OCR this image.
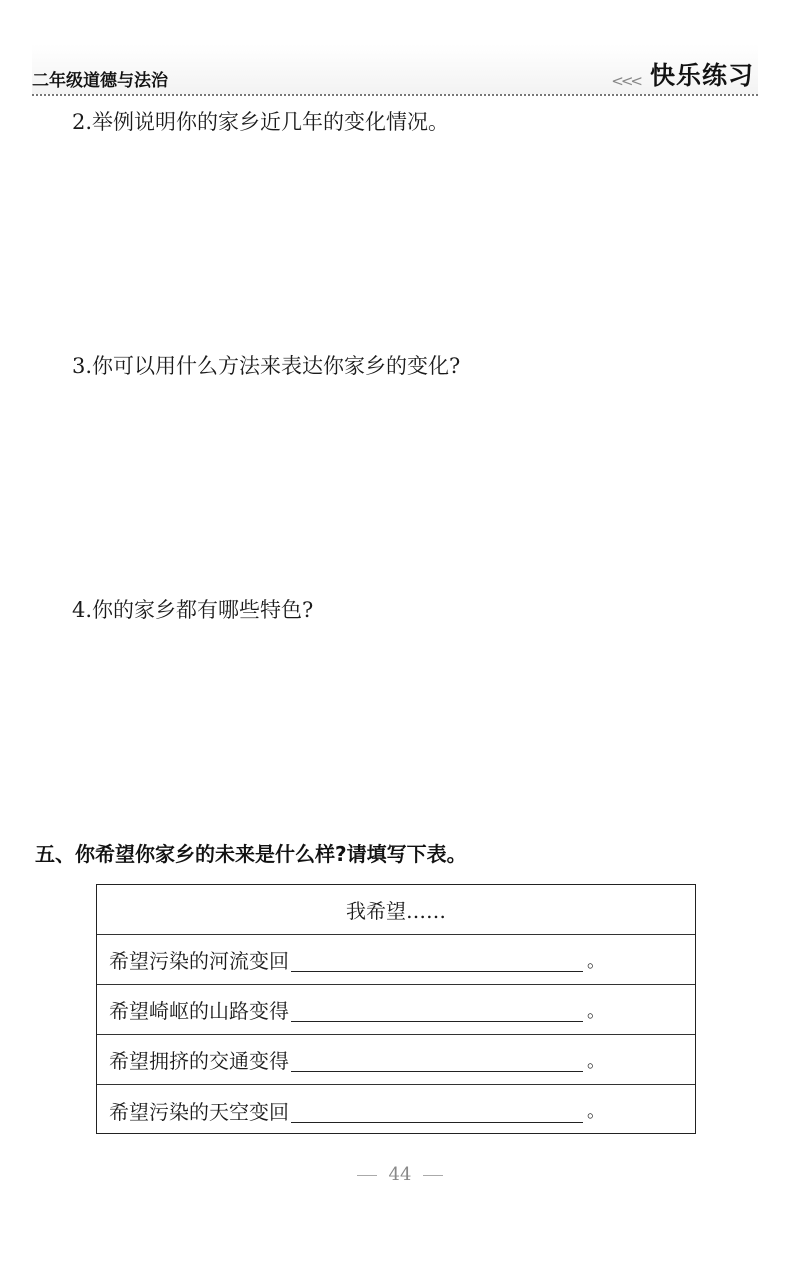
二年级道德与法治	<<< 快乐练习
2.举例说明你的家乡近几年的变化情况。
3.你可以用什么方法来表达你家乡的变化?
4.你的家乡都有哪些特色?
五、你希望你家乡的未来是什么样?请填写下表。
我希望……
希望污染的河流变回	。
希望崎岖的山路变得	。
希望拥挤的交通变得	。
希望污染的天空变回	。
44
